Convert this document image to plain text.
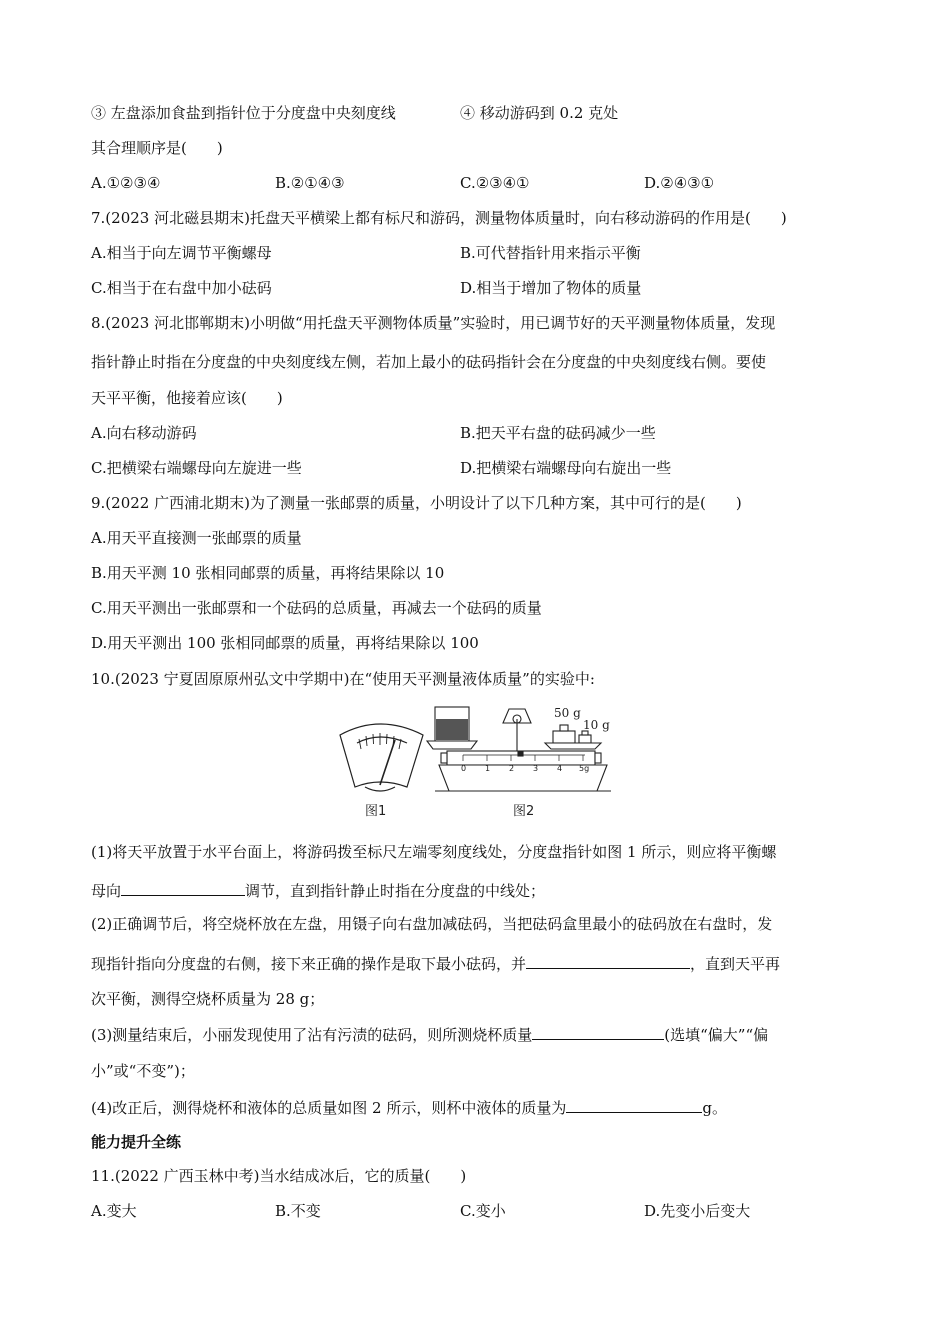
③ 左盘添加食盐到指针位于分度盘中央刻度线	④ 移动游码到 0.2 克处
其合理顺序是(　　)
A.①②③④	B.②①④③	C.②③④①	D.②④③①
7.(2023 河北磁县期末)托盘天平横梁上都有标尺和游码，测量物体质量时，向右移动游码的作用是(　　)
A.相当于向左调节平衡螺母	B.可代替指针用来指示平衡
C.相当于在右盘中加小砝码	D.相当于增加了物体的质量
8.(2023 河北邯郸期末)小明做“用托盘天平测物体质量”实验时，用已调节好的天平测量物体质量，发现
指针静止时指在分度盘的中央刻度线左侧，若加上最小的砝码指针会在分度盘的中央刻度线右侧。要使
天平平衡，他接着应该(　　)
A.向右移动游码	B.把天平右盘的砝码减少一些
C.把横梁右端螺母向左旋进一些	D.把横梁右端螺母向右旋出一些
9.(2022 广西浦北期末)为了测量一张邮票的质量，小明设计了以下几种方案，其中可行的是(　　)
A.用天平直接测一张邮票的质量
B.用天平测 10 张相同邮票的质量，再将结果除以 10
C.用天平测出一张邮票和一个砝码的总质量，再减去一个砝码的质量
D.用天平测出 100 张相同邮票的质量，再将结果除以 100
10.(2023 宁夏固原原州弘文中学期中)在“使用天平测量液体质量”的实验中:
图1
0 1 2 3 4 5g
50 g
10 g
图2
(1)将天平放置于水平台面上，将游码拨至标尺左端零刻度线处，分度盘指针如图 1 所示，则应将平衡螺
母向	调节，直到指针静止时指在分度盘的中线处；
(2)正确调节后，将空烧杯放在左盘，用镊子向右盘加减砝码，当把砝码盒里最小的砝码放在右盘时，发
现指针指向分度盘的右侧，接下来正确的操作是取下最小砝码，并	，直到天平再
次平衡，测得空烧杯质量为 28 g；
(3)测量结束后，小丽发现使用了沾有污渍的砝码，则所测烧杯质量	(选填“偏大”“偏
小”或“不变”)；
(4)改正后，测得烧杯和液体的总质量如图 2 所示，则杯中液体的质量为	g。
能力提升全练
11.(2022 广西玉林中考)当水结成冰后，它的质量(　　)
A.变大	B.不变	C.变小	D.先变小后变大
